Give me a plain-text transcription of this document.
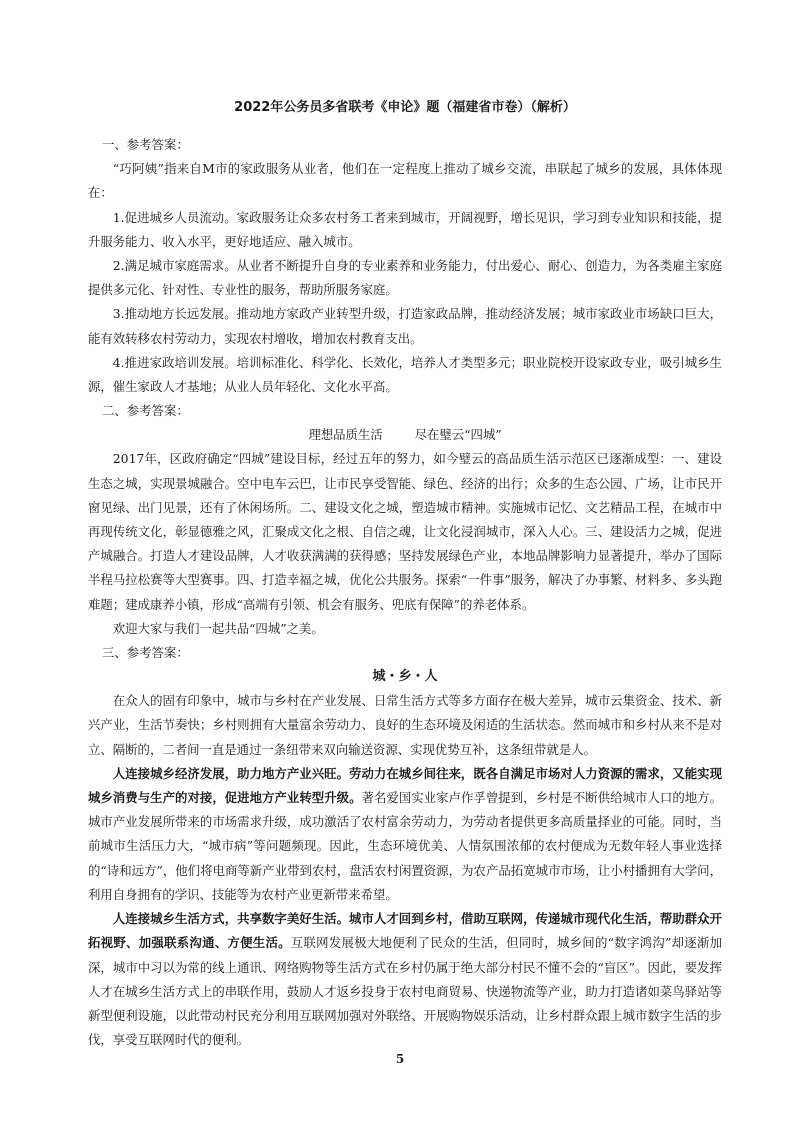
2022年公务员多省联考《申论》题（福建省市卷）（解析）

一、参考答案：

“巧阿姨”指来自M市的家政服务从业者，他们在一定程度上推动了城乡交流，串联起了城乡的发展，具体体现在：

1.促进城乡人员流动。家政服务让众多农村务工者来到城市，开阔视野，增长见识，学习到专业知识和技能，提升服务能力、收入水平，更好地适应、融入城市。

2.满足城市家庭需求。从业者不断提升自身的专业素养和业务能力，付出爱心、耐心、创造力，为各类雇主家庭提供多元化、针对性、专业性的服务，帮助所服务家庭。

3.推动地方长远发展。推动地方家政产业转型升级，打造家政品牌，推动经济发展；城市家政业市场缺口巨大，能有效转移农村劳动力，实现农村增收，增加农村教育支出。

4.推进家政培训发展。培训标准化、科学化、长效化，培养人才类型多元；职业院校开设家政专业，吸引城乡生源，催生家政人才基地；从业人员年轻化、文化水平高。

二、参考答案：

理想品质生活	尽在璧云“四城”

2017年，区政府确定“四城”建设目标，经过五年的努力，如今璧云的高品质生活示范区已逐渐成型：一、建设生态之城，实现景城融合。空中电车云巴，让市民享受智能、绿色、经济的出行；众多的生态公园、广场，让市民开窗见绿、出门见景，还有了休闲场所。二、建设文化之城，塑造城市精神。实施城市记忆、文艺精品工程，在城市中再现传统文化，彰显德雅之风，汇聚成文化之根、自信之魂，让文化浸润城市，深入人心。三、建设活力之城，促进产城融合。打造人才建设品牌，人才收获满满的获得感；坚持发展绿色产业，本地品牌影响力显著提升，举办了国际半程马拉松赛等大型赛事。四、打造幸福之城，优化公共服务。探索“一件事”服务，解决了办事繁、材料多、多头跑难题；建成康养小镇，形成“高端有引领、机会有服务、兜底有保障”的养老体系。

欢迎大家与我们一起共品“四城”之美。

三、参考答案：

城・乡・人

在众人的固有印象中，城市与乡村在产业发展、日常生活方式等多方面存在极大差异，城市云集资金、技术、新兴产业，生活节奏快；乡村则拥有大量富余劳动力、良好的生态环境及闲适的生活状态。然而城市和乡村从来不是对立、隔断的，二者间一直是通过一条纽带来双向输送资源、实现优势互补，这条纽带就是人。

人连接城乡经济发展，助力地方产业兴旺。劳动力在城乡间往来，既各自满足市场对人力资源的需求，又能实现城乡消费与生产的对接，促进地方产业转型升级。著名爱国实业家卢作孚曾提到，乡村是不断供给城市人口的地方。城市产业发展所带来的市场需求升级，成功激活了农村富余劳动力，为劳动者提供更多高质量择业的可能。同时，当前城市生活压力大，“城市病”等问题频现。因此，生态环境优美、人情氛围浓郁的农村便成为无数年轻人事业选择的“诗和远方”，他们将电商等新产业带到农村，盘活农村闲置资源，为农产品拓宽城市市场，让小村播拥有大学问，利用自身拥有的学识、技能等为农村产业更新带来希望。

人连接城乡生活方式，共享数字美好生活。城市人才回到乡村，借助互联网，传递城市现代化生活，帮助群众开拓视野、加强联系沟通、方便生活。互联网发展极大地便利了民众的生活，但同时，城乡间的“数字鸿沟”却逐渐加深，城市中习以为常的线上通讯、网络购物等生活方式在乡村仍属于绝大部分村民不懂不会的“盲区”。因此，要发挥人才在城乡生活方式上的串联作用，鼓励人才返乡投身于农村电商贸易、快递物流等产业，助力打造诸如菜鸟驿站等新型便利设施，以此带动村民充分利用互联网加强对外联络、开展购物娱乐活动，让乡村群众跟上城市数字生活的步伐，享受互联网时代的便利。

5
